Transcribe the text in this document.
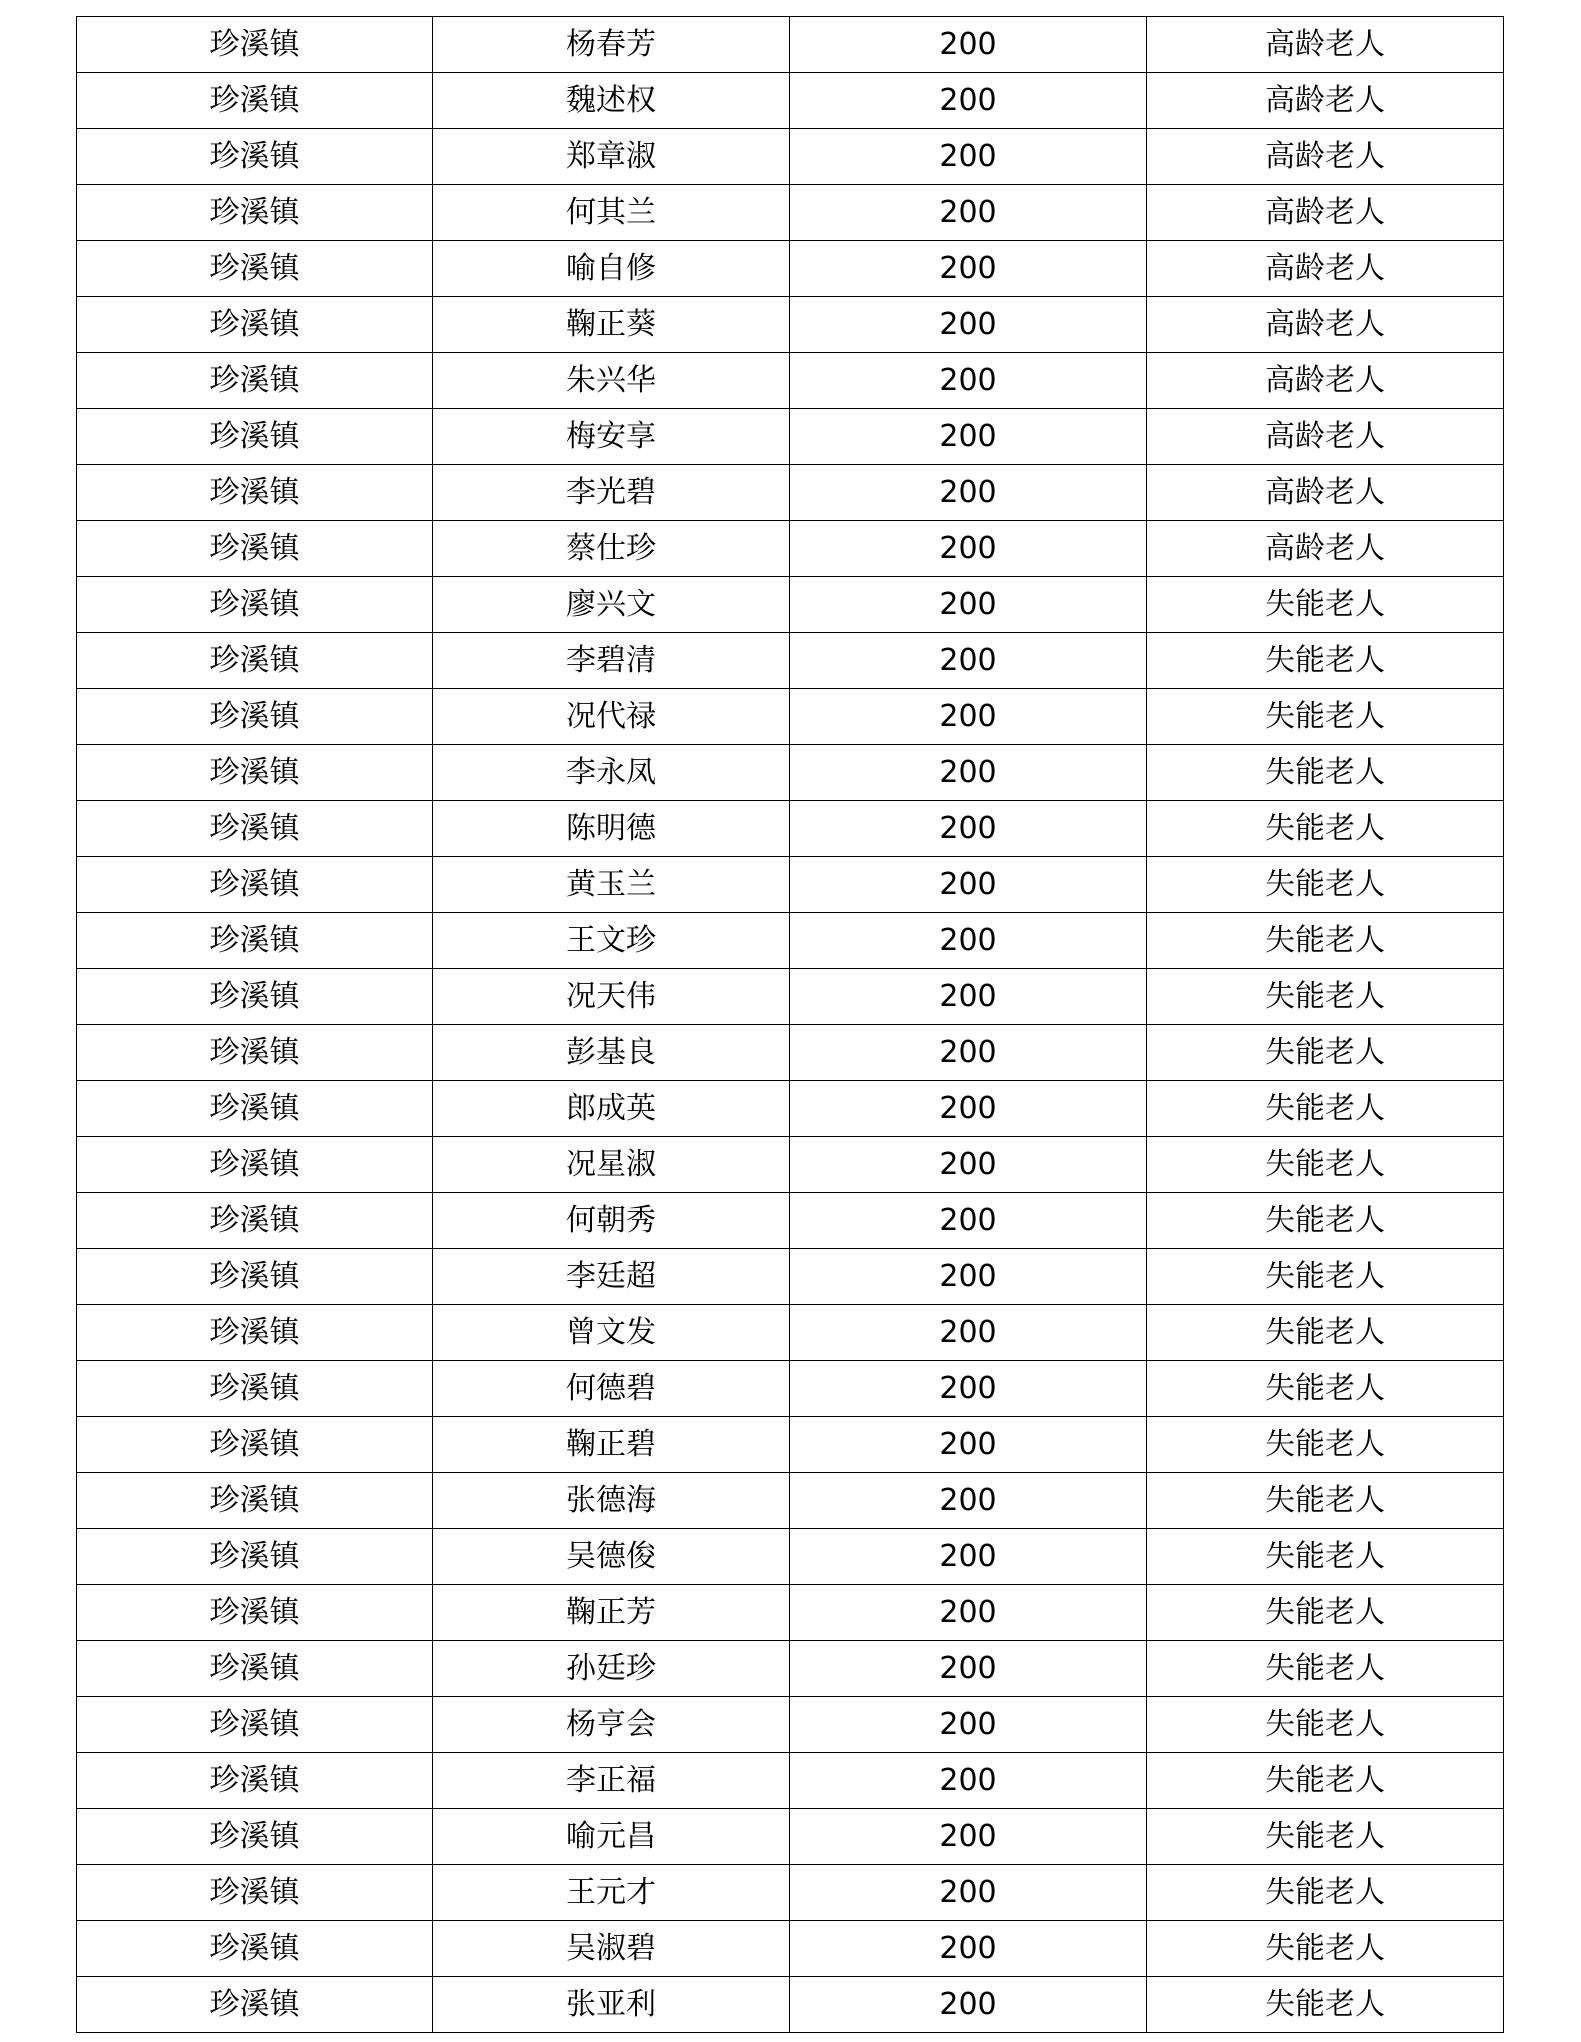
珍溪镇	杨春芳	200	高龄老人
珍溪镇	魏述权	200	高龄老人
珍溪镇	郑章淑	200	高龄老人
珍溪镇	何其兰	200	高龄老人
珍溪镇	喻自修	200	高龄老人
珍溪镇	鞠正葵	200	高龄老人
珍溪镇	朱兴华	200	高龄老人
珍溪镇	梅安享	200	高龄老人
珍溪镇	李光碧	200	高龄老人
珍溪镇	蔡仕珍	200	高龄老人
珍溪镇	廖兴文	200	失能老人
珍溪镇	李碧清	200	失能老人
珍溪镇	况代禄	200	失能老人
珍溪镇	李永凤	200	失能老人
珍溪镇	陈明德	200	失能老人
珍溪镇	黄玉兰	200	失能老人
珍溪镇	王文珍	200	失能老人
珍溪镇	况天伟	200	失能老人
珍溪镇	彭基良	200	失能老人
珍溪镇	郎成英	200	失能老人
珍溪镇	况星淑	200	失能老人
珍溪镇	何朝秀	200	失能老人
珍溪镇	李廷超	200	失能老人
珍溪镇	曾文发	200	失能老人
珍溪镇	何德碧	200	失能老人
珍溪镇	鞠正碧	200	失能老人
珍溪镇	张德海	200	失能老人
珍溪镇	吴德俊	200	失能老人
珍溪镇	鞠正芳	200	失能老人
珍溪镇	孙廷珍	200	失能老人
珍溪镇	杨亨会	200	失能老人
珍溪镇	李正福	200	失能老人
珍溪镇	喻元昌	200	失能老人
珍溪镇	王元才	200	失能老人
珍溪镇	吴淑碧	200	失能老人
珍溪镇	张亚利	200	失能老人
